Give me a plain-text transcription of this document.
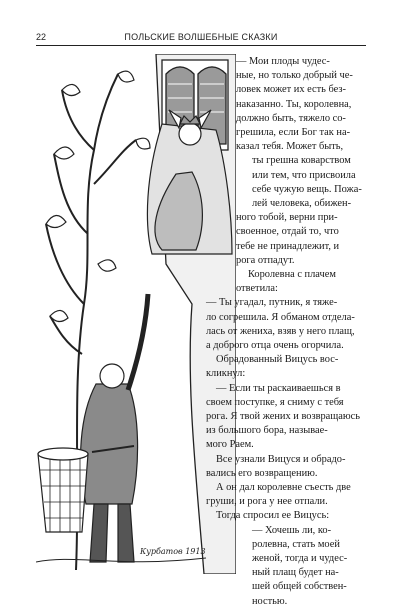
22	ПОЛЬСКИЕ ВОЛШЕБНЫЕ СКАЗКИ
Курбатов 1913
— Мои плоды чудес-
ные, но только добрый че-
ловек может их есть без-
наказанно. Ты, королевна,
должно быть, тяжело со-
грешила, если Бог так на-
казал тебя. Может быть,
ты грешна коварством
или тем, что присвоила
себе чужую вещь. Пожа-
лей человека, обижен-
ного тобой, верни при-
своенное, отдай то, что
тебе не принадлежит, и
рога отпадут.
Королевна с плачем
ответила:
— Ты угадал, путник, я тяже-
ло согрешила. Я обманом отдела-
лась от жениха, взяв у него плащ,
а доброго отца очень огорчила.
Обрадованный Вицусь вос-
кликнул:
— Если ты раскаиваешься в
своем поступке, я сниму с тебя
рога. Я твой жених и возвращаюсь
из большого бора, называе-
мого Раем.
Все узнали Вицуся и обрадо-
вались его возвращению.
А он дал королевне съесть две
груши, и рога у нее отпали.
Тогда спросил ее Вицусь:
ролевна, стать моей
женой, тогда и чудес-
ный плащ будет на-
шей общей собствен-
ностью.
— Хочешь ли, ко-
